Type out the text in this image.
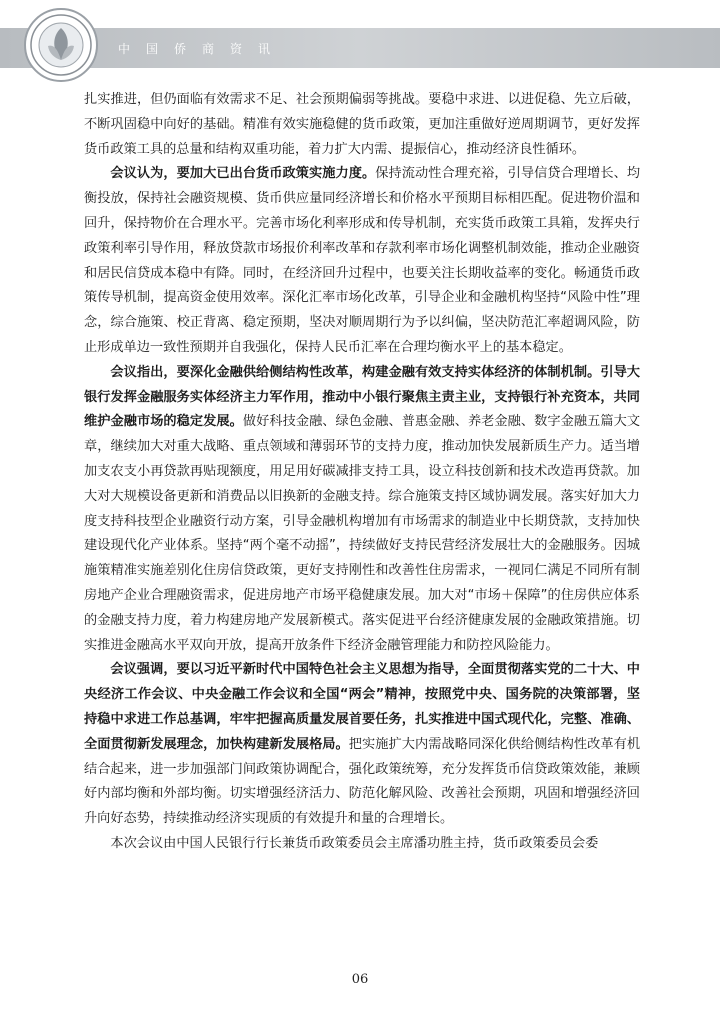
中国侨商资讯

扎实推进，但仍面临有效需求不足、社会预期偏弱等挑战。要稳中求进、以进促稳、先立后破，不断巩固稳中向好的基础。精准有效实施稳健的货币政策，更加注重做好逆周期调节，更好发挥货币政策工具的总量和结构双重功能，着力扩大内需、提振信心，推动经济良性循环。

会议认为，要加大已出台货币政策实施力度。保持流动性合理充裕，引导信贷合理增长、均衡投放，保持社会融资规模、货币供应量同经济增长和价格水平预期目标相匹配。促进物价温和回升，保持物价在合理水平。完善市场化利率形成和传导机制，充实货币政策工具箱，发挥央行政策利率引导作用，释放贷款市场报价利率改革和存款利率市场化调整机制效能，推动企业融资和居民信贷成本稳中有降。同时，在经济回升过程中，也要关注长期收益率的变化。畅通货币政策传导机制，提高资金使用效率。深化汇率市场化改革，引导企业和金融机构坚持“风险中性”理念，综合施策、校正背离、稳定预期，坚决对顺周期行为予以纠偏，坚决防范汇率超调风险，防止形成单边一致性预期并自我强化，保持人民币汇率在合理均衡水平上的基本稳定。

会议指出，要深化金融供给侧结构性改革，构建金融有效支持实体经济的体制机制。引导大银行发挥金融服务实体经济主力军作用，推动中小银行聚焦主责主业，支持银行补充资本，共同维护金融市场的稳定发展。做好科技金融、绿色金融、普惠金融、养老金融、数字金融五篇大文章，继续加大对重大战略、重点领域和薄弱环节的支持力度，推动加快发展新质生产力。适当增加支农支小再贷款再贴现额度，用足用好碳减排支持工具，设立科技创新和技术改造再贷款。加大对大规模设备更新和消费品以旧换新的金融支持。综合施策支持区域协调发展。落实好加大力度支持科技型企业融资行动方案，引导金融机构增加有市场需求的制造业中长期贷款，支持加快建设现代化产业体系。坚持“两个毫不动摇”，持续做好支持民营经济发展壮大的金融服务。因城施策精准实施差别化住房信贷政策，更好支持刚性和改善性住房需求，一视同仁满足不同所有制房地产企业合理融资需求，促进房地产市场平稳健康发展。加大对“市场＋保障”的住房供应体系的金融支持力度，着力构建房地产发展新模式。落实促进平台经济健康发展的金融政策措施。切实推进金融高水平双向开放，提高开放条件下经济金融管理能力和防控风险能力。

会议强调，要以习近平新时代中国特色社会主义思想为指导，全面贯彻落实党的二十大、中央经济工作会议、中央金融工作会议和全国“两会”精神，按照党中央、国务院的决策部署，坚持稳中求进工作总基调，牢牢把握高质量发展首要任务，扎实推进中国式现代化，完整、准确、全面贯彻新发展理念，加快构建新发展格局。把实施扩大内需战略同深化供给侧结构性改革有机结合起来，进一步加强部门间政策协调配合，强化政策统筹，充分发挥货币信贷政策效能，兼顾好内部均衡和外部均衡。切实增强经济活力、防范化解风险、改善社会预期，巩固和增强经济回升向好态势，持续推动经济实现质的有效提升和量的合理增长。

本次会议由中国人民银行行长兼货币政策委员会主席潘功胜主持，货币政策委员会委

06
